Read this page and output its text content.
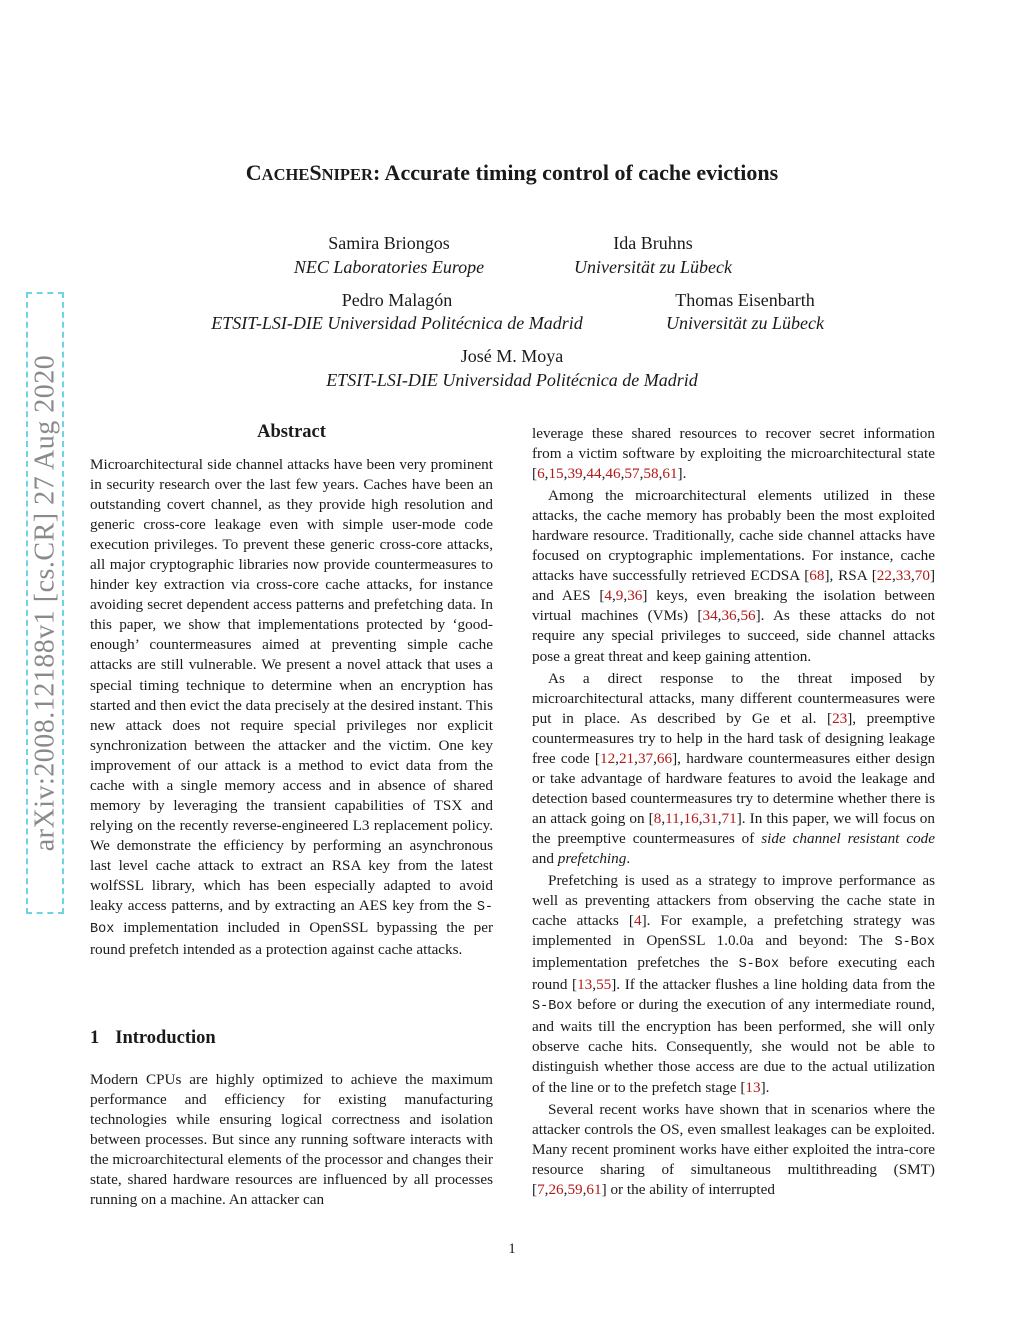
arXiv:2008.12188v1 [cs.CR] 27 Aug 2020
CACHESNIPER: Accurate timing control of cache evictions
Samira Briongos
NEC Laboratories Europe
Ida Bruhns
Universität zu Lübeck
Pedro Malagón
ETSIT-LSI-DIE Universidad Politécnica de Madrid
Thomas Eisenbarth
Universität zu Lübeck
José M. Moya
ETSIT-LSI-DIE Universidad Politécnica de Madrid
Abstract

Microarchitectural side channel attacks have been very prominent in security research over the last few years. Caches have been an outstanding covert channel, as they provide high resolution and generic cross-core leakage even with simple user-mode code execution privileges. To prevent these generic cross-core attacks, all major cryptographic libraries now provide countermeasures to hinder key extraction via cross-core cache attacks, for instance avoiding secret dependent access patterns and prefetching data. In this paper, we show that implementations protected by ‘good-enough’ countermeasures aimed at preventing simple cache attacks are still vulnerable. We present a novel attack that uses a special timing technique to determine when an encryption has started and then evict the data precisely at the desired instant. This new attack does not require special privileges nor explicit synchronization between the attacker and the victim. One key improvement of our attack is a method to evict data from the cache with a single memory access and in absence of shared memory by leveraging the transient capabilities of TSX and relying on the recently reverse-engineered L3 replacement policy. We demonstrate the efficiency by performing an asynchronous last level cache attack to extract an RSA key from the latest wolfSSL library, which has been especially adapted to avoid leaky access patterns, and by extracting an AES key from the S-Box implementation included in OpenSSL bypassing the per round prefetch intended as a protection against cache attacks.

1 Introduction

Modern CPUs are highly optimized to achieve the maximum performance and efficiency for existing manufacturing technologies while ensuring logical correctness and isolation between processes. But since any running software interacts with the microarchitectural elements of the processor and changes their state, shared hardware resources are influenced by all processes running on a machine. An attacker can

leverage these shared resources to recover secret information from a victim software by exploiting the microarchitectural state [6,15,39,44,46,57,58,61].

Among the microarchitectural elements utilized in these attacks, the cache memory has probably been the most exploited hardware resource. Traditionally, cache side channel attacks have focused on cryptographic implementations. For instance, cache attacks have successfully retrieved ECDSA [68], RSA [22,33,70] and AES [4,9,36] keys, even breaking the isolation between virtual machines (VMs) [34,36,56]. As these attacks do not require any special privileges to succeed, side channel attacks pose a great threat and keep gaining attention.

As a direct response to the threat imposed by microarchitectural attacks, many different countermeasures were put in place. As described by Ge et al. [23], preemptive countermeasures try to help in the hard task of designing leakage free code [12,21,37,66], hardware countermeasures either design or take advantage of hardware features to avoid the leakage and detection based countermeasures try to determine whether there is an attack going on [8,11,16,31,71]. In this paper, we will focus on the preemptive countermeasures of side channel resistant code and prefetching.

Prefetching is used as a strategy to improve performance as well as preventing attackers from observing the cache state in cache attacks [4]. For example, a prefetching strategy was implemented in OpenSSL 1.0.0a and beyond: The S-Box implementation prefetches the S-Box before executing each round [13,55]. If the attacker flushes a line holding data from the S-Box before or during the execution of any intermediate round, and waits till the encryption has been performed, she will only observe cache hits. Consequently, she would not be able to distinguish whether those access are due to the actual utilization of the line or to the prefetch stage [13].

Several recent works have shown that in scenarios where the attacker controls the OS, even smallest leakages can be exploited. Many recent prominent works have either exploited the intra-core resource sharing of simultaneous multithreading (SMT) [7,26,59,61] or the ability of interrupted

1
